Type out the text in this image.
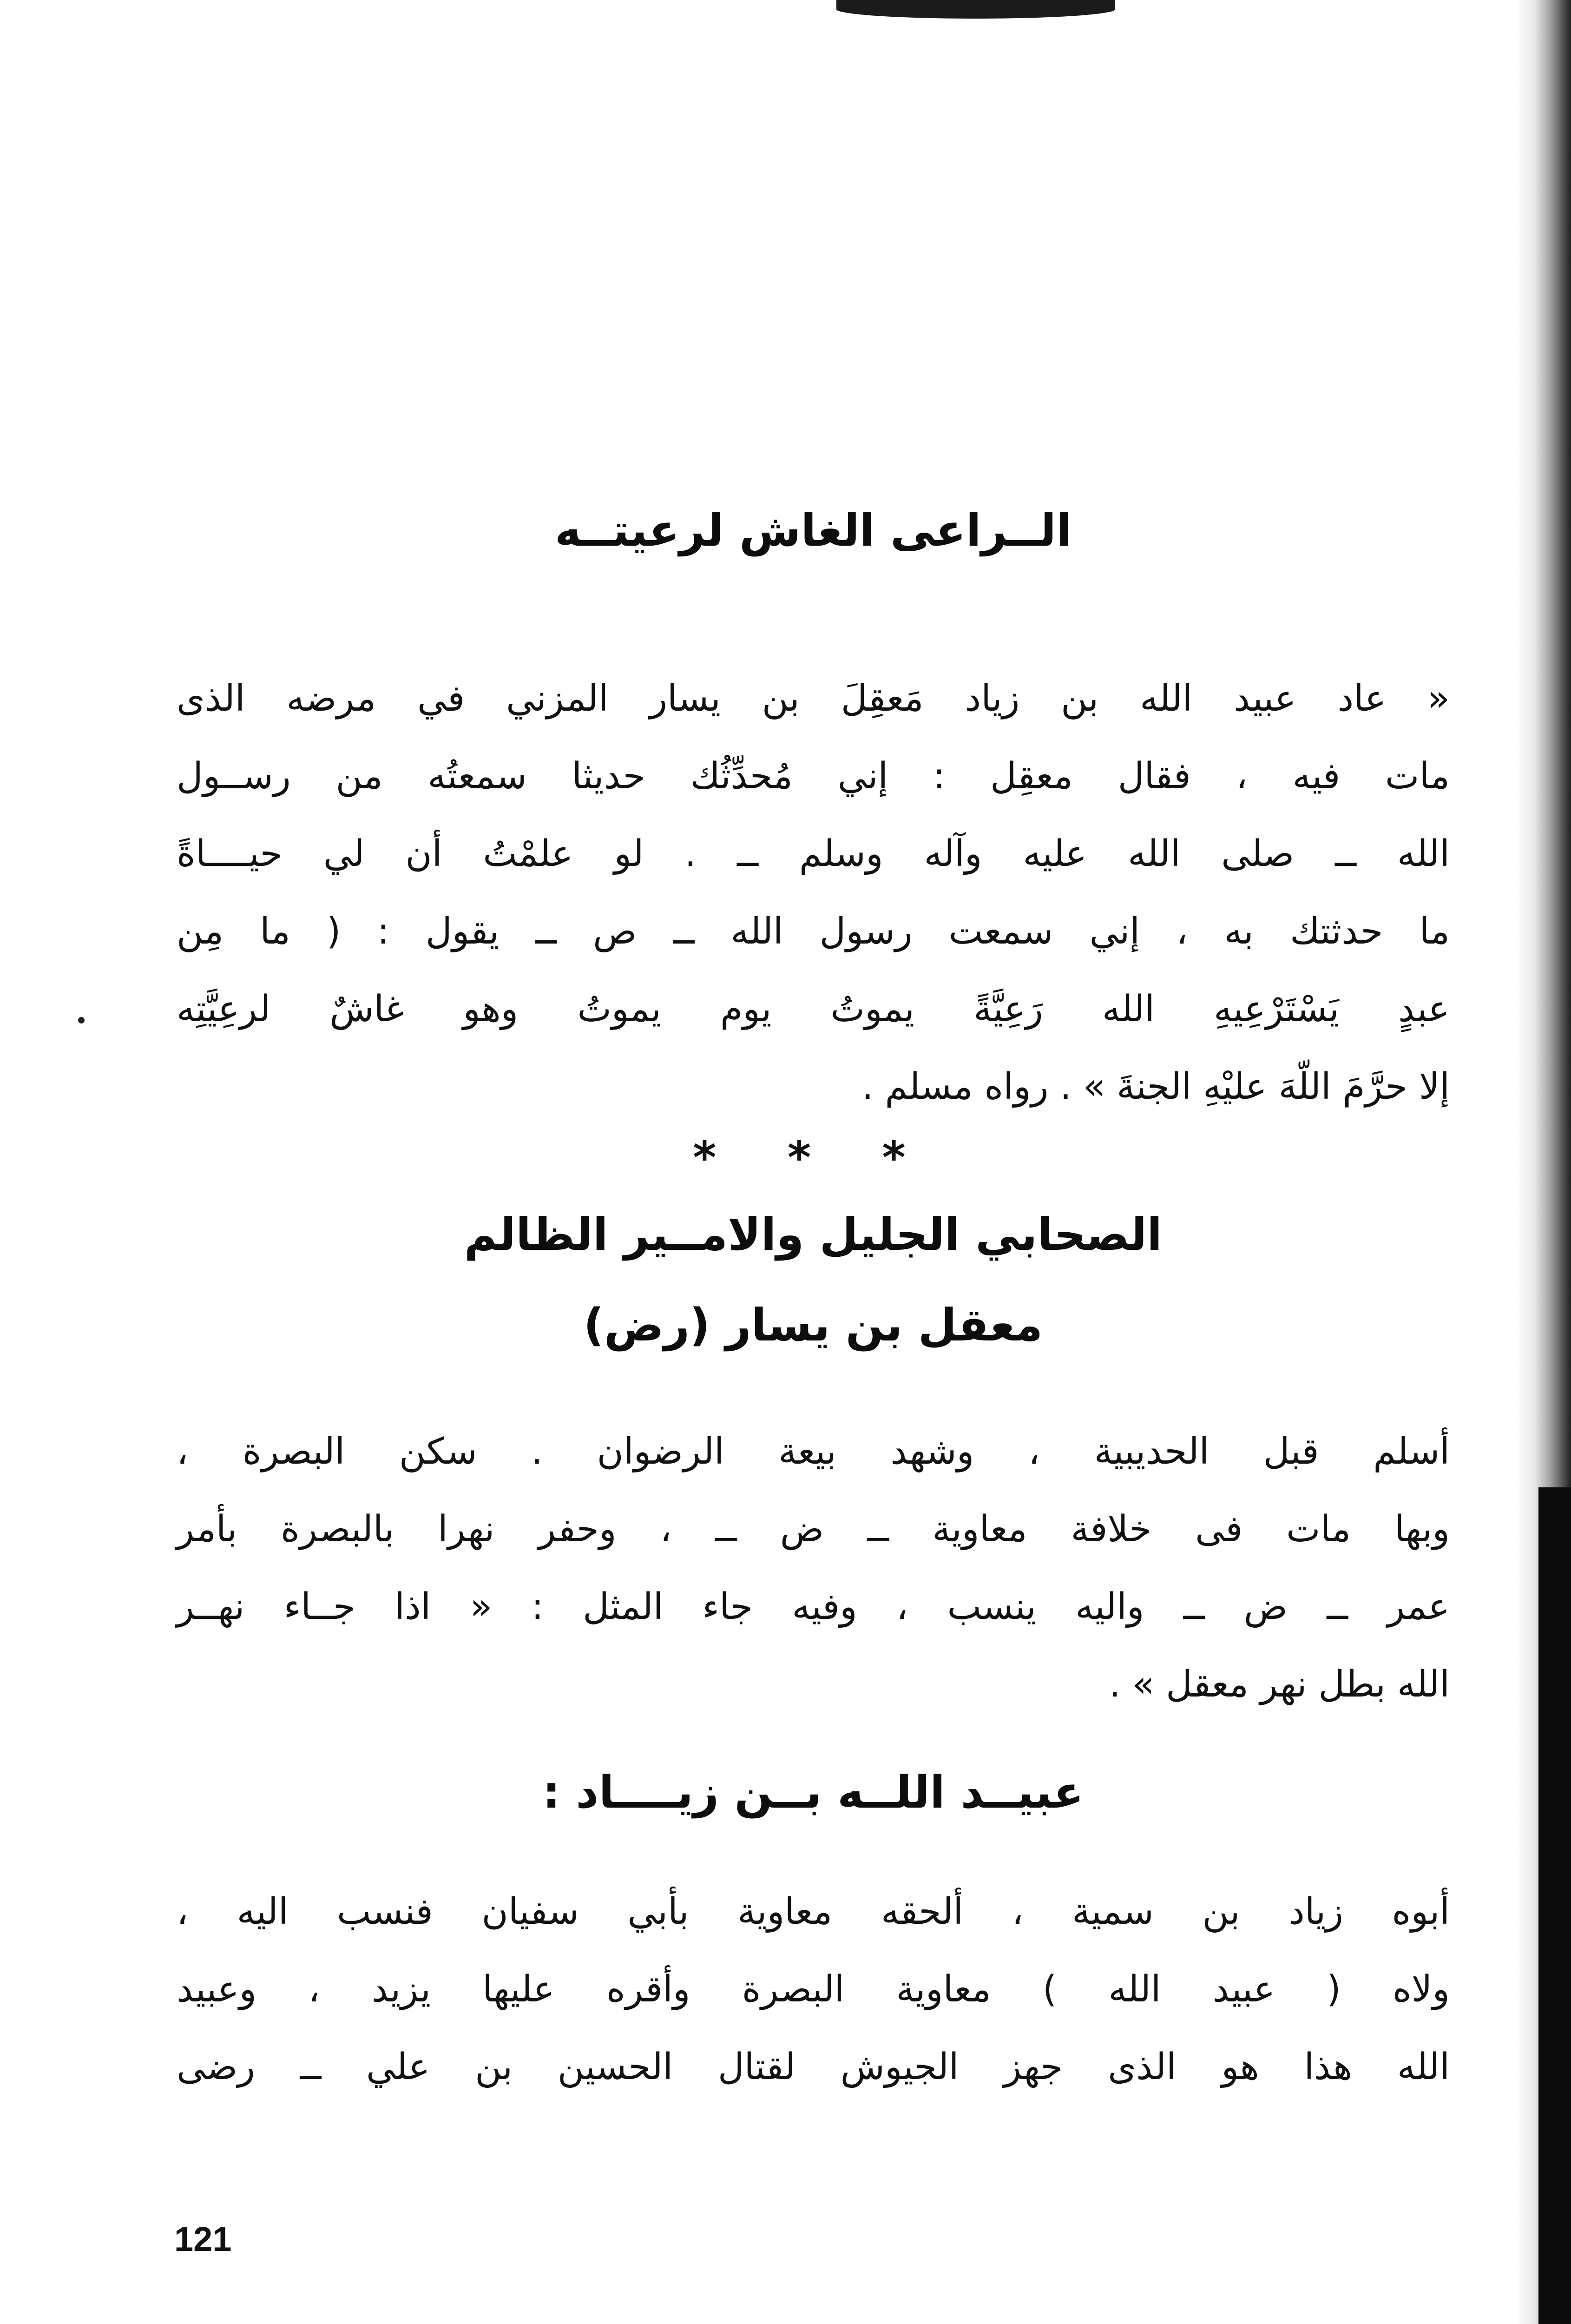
الــراعى الغاش لرعيتــه
« عاد عبيد الله بن زياد مَعقِلَ بن يسار المزني في مرضه الذى
مات فيه ، فقال معقِل : إني مُحدِّثُك حديثا سمعتُه من رســول
الله ــ صلى الله عليه وآله وسلم ــ . لو علمْتُ أن لي حيــــاةً
ما حدثتك به ، إني سمعت رسول الله ــ ص ــ يقول : ( ما مِن
عبدٍ يَسْتَرْعِيهِ الله رَعِيَّةً يموتُ يوم يموتُ وهو غاشٌ لرعِيَّتِه
إلا حرَّمَ اللّهَ عليْهِ الجنةَ » . رواه مسلم .
* * *
الصحابي الجليل والامــير الظالم
معقل بن يسار (رض)
أسلم قبل الحديبية ، وشهد بيعة الرضوان . سكن البصرة ،
وبها مات فى خلافة معاوية ــ ض ــ ، وحفر نهرا بالبصرة بأمر
عمر ــ ض ــ واليه ينسب ، وفيه جاء المثل : « اذا جــاء نهــر
الله بطل نهر معقل » .
عبيــد اللــه بــن زيــــاد :
أبوه زياد بن سمية ، ألحقه معاوية بأبي سفيان فنسب اليه ،
ولاه ( عبيد الله ) معاوية البصرة وأقره عليها يزيد ، وعبيد
الله هذا هو الذى جهز الجيوش لقتال الحسين بن علي ــ رضى
121
